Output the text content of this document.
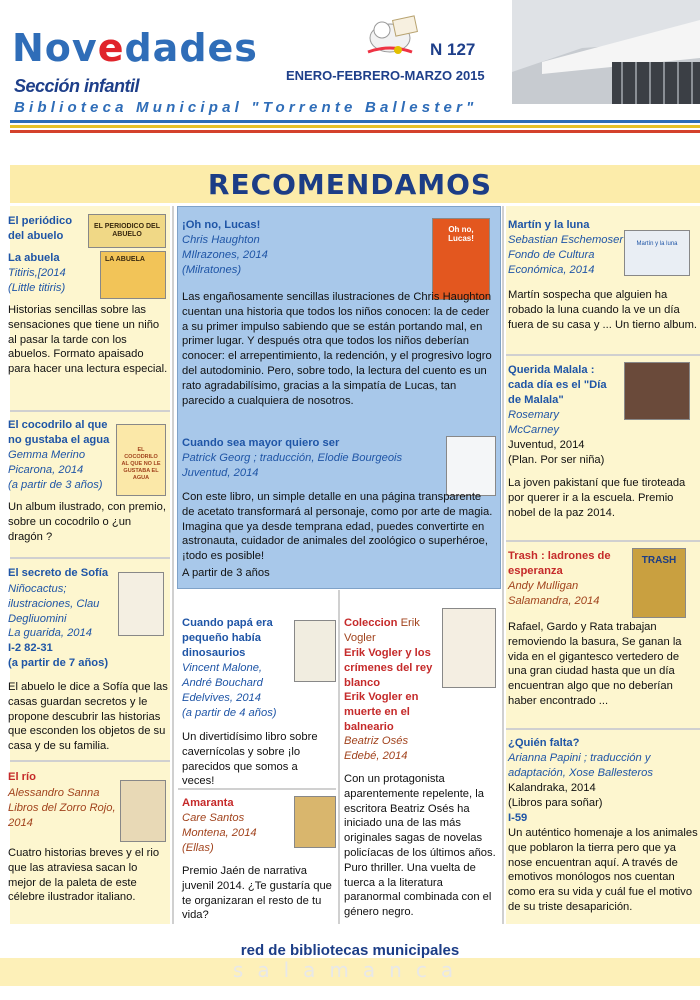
Novedades
Sección infantil
Biblioteca Municipal "Torrente Ballester"
N 127
ENERO-FEBRERO-MARZO 2015
RECOMENDAMOS
El periódico del abuelo
EL PERIODICO DEL ABUELO
La abuela
Titiris,[2014
(Little titiris)
LA ABUELA
Historias sencillas sobre las sensaciones que tiene un niño al pasar la tarde con los abuelos. Formato apaisado para hacer una lectura especial.
El cocodrilo al que no gustaba el agua
Gemma Merino
Picarona, 2014
(a partir de 3 años)
EL COCODRILO AL QUE NO LE GUSTABA EL AGUA
Un album ilustrado, con premio, sobre un cocodrilo o ¿un dragón ?
El secreto de Sofía
Niñocactus; ilustraciones, Clau Degliuomini
La guarida, 2014
I-2 82-31
(a partir de 7 años)
El abuelo le dice a Sofía que las casas guardan secretos y le propone descubrir las historias que esconden los objetos de su casa y de su familia.
El río
Alessandro Sanna
Libros del Zorro Rojo, 2014
Cuatro historias breves y el rio que las atraviesa sacan lo mejor de la paleta de este célebre ilustrador italiano.
¡Oh no, Lucas!
Chris Haughton
MIlrazones, 2014
(Milratones)
Oh no, Lucas!
Las engañosamente sencillas ilustraciones de Chris Haughton cuentan una historia que todos los niños conocen: la de ceder a su primer impulso sabiendo que se están portando mal, en primer lugar. Y después otra que todos los niños deberían conocer: el arrepentimiento, la redención, y el progresivo logro del autodominio. Pero, sobre todo, la lectura del cuento es un rato agradabilísimo, gracias a la simpatía de Lucas, tan parecido a cualquiera de nosotros.
Cuando sea mayor quiero ser
Patrick Georg ; traducción, Elodie Bourgeois
Juventud, 2014
Con este libro, un simple detalle en una página transparente de acetato transformará al personaje, como por arte de magia. Imagina que ya desde temprana edad, puedes convertirte en astronauta, cuidador de animales del zoológico o superhéroe, ¡todo es posible!
A partir de 3 años
Cuando papá era pequeño había dinosaurios
Vincent Malone, André Bouchard
Edelvives, 2014
(a partir de 4 años)
Un divertidísimo libro sobre cavernícolas y sobre ¡lo parecidos que somos a veces!
Amaranta
Care Santos
Montena, 2014
(Ellas)
Premio Jaén de narrativa juvenil 2014. ¿Te gustaría que te organizaran el resto de tu vida?
Coleccion Erik Vogler
Erik Vogler y los crímenes del rey blanco
Erik Vogler en muerte en el balneario
Beatriz Osés
Edebé, 2014
Con un protagonista aparentemente repelente, la escritora Beatriz Osés ha iniciado una de las más originales sagas de novelas policíacas de los últimos años. Puro thriller. Una vuelta de tuerca a la literatura paranormal combinada con el género negro.
Martín y la luna
Sebastian Eschemoser
Fondo de Cultura Económica, 2014
Martín y la luna
Martín sospecha que alguien ha robado la luna cuando la ve un día fuera de su casa y ... Un tierno album.
Querida Malala : cada día es el "Día de Malala"
Rosemary McCarney
Juventud, 2014
(Plan. Por ser niña)
La joven pakistaní que fue tiroteada por querer ir a la escuela. Premio nobel de la paz 2014.
Trash : ladrones de esperanza
Andy Mulligan
Salamandra, 2014
TRASH
Rafael, Gardo y Rata trabajan removiendo la basura, Se ganan la vida en el gigantesco vertedero de una gran ciudad hasta que un día encuentran algo que no deberían haber encontrado ...
¿Quién falta?
Arianna Papini ; traducción y adaptación, Xose Ballesteros
Kalandraka, 2014
(Libros para soñar)
I-59
Un auténtico homenaje a los animales que poblaron la tierra pero que ya nose encuentran aquí. A través de emotivos monólogos nos cuentan como era su vida y cuál fue el motivo de su triste desaparición.
red de bibliotecas municipales
salamanca
